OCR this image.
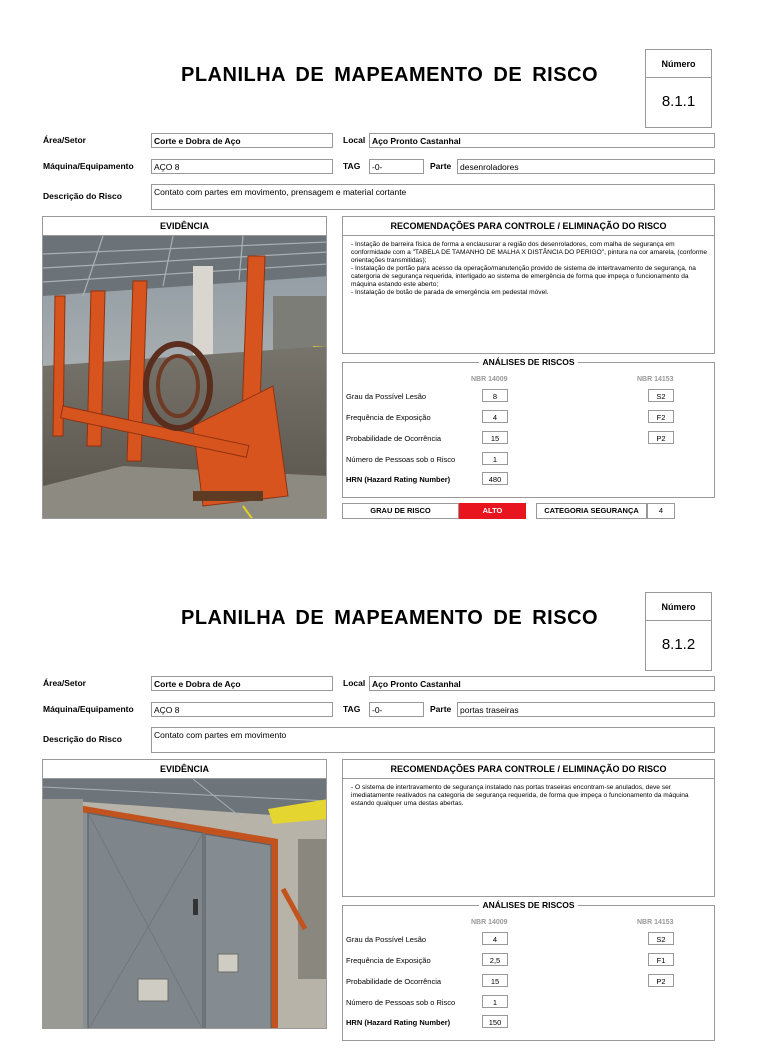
PLANILHA DE MAPEAMENTO DE RISCO	Número
8.1.1
Área/Setor	Corte e Dobra de Aço	Local Aço Pronto Castanhal
Máquina/Equipamento	AÇO 8	TAG	-0-	Parte	desenroladores
Descrição do Risco	Contato com partes em movimento, prensagem e material cortante
EVIDÊNCIA	RECOMENDAÇÕES PARA CONTROLE / ELIMINAÇÃO DO RISCO
- Instação de barreira física de forma a enclausurar a região dos desenroladores, com malha de segurança em conformidade com a "TABELA DE TAMANHO DE MALHA X DISTÂNCIA DO PERIGO", pintura na cor amarela, (conforme orientações transmitidas);
- Instalação de portão para acesso da operação/manutenção provido de sistema de intertravamento de segurança, na catergoria de segurança requerida, interligado ao sistema de emergência de forma que impeça o funcionamento da máquina estando este aberto;
- Instalação de botão de parada de emergência em pedestal móvel.
ANÁLISES DE RISCOS
NBR 14009	NBR 14153
Grau da Possível Lesão	8	S2
Frequência de Exposição	4	F2
Probabilidade de Ocorrência	15	P2
Número de Pessoas sob o Risco	1
HRN (Hazard Rating Number)	480
GRAU DE RISCO	ALTO	CATEGORIA SEGURANÇA	4
PLANILHA DE MAPEAMENTO DE RISCO	Número
8.1.2
Área/Setor	Corte e Dobra de Aço	Local Aço Pronto Castanhal
Máquina/Equipamento	AÇO 8	TAG	-0-	Parte	portas traseiras
Descrição do Risco	Contato com partes em movimento
EVIDÊNCIA	RECOMENDAÇÕES PARA CONTROLE / ELIMINAÇÃO DO RISCO
- O sistema de intertravamento de segurança instalado nas portas traseiras encontram-se anulados, deve ser imediatamente reativados na categoria de segurança requerida, de forma que impeça o funcionamento da máquina estando qualquer uma destas abertas.
ANÁLISES DE RISCOS
NBR 14009	NBR 14153
Grau da Possível Lesão	4	S2
Frequência de Exposição	2,5	F1
Probabilidade de Ocorrência	15	P2
Número de Pessoas sob o Risco	1
HRN (Hazard Rating Number)	150
